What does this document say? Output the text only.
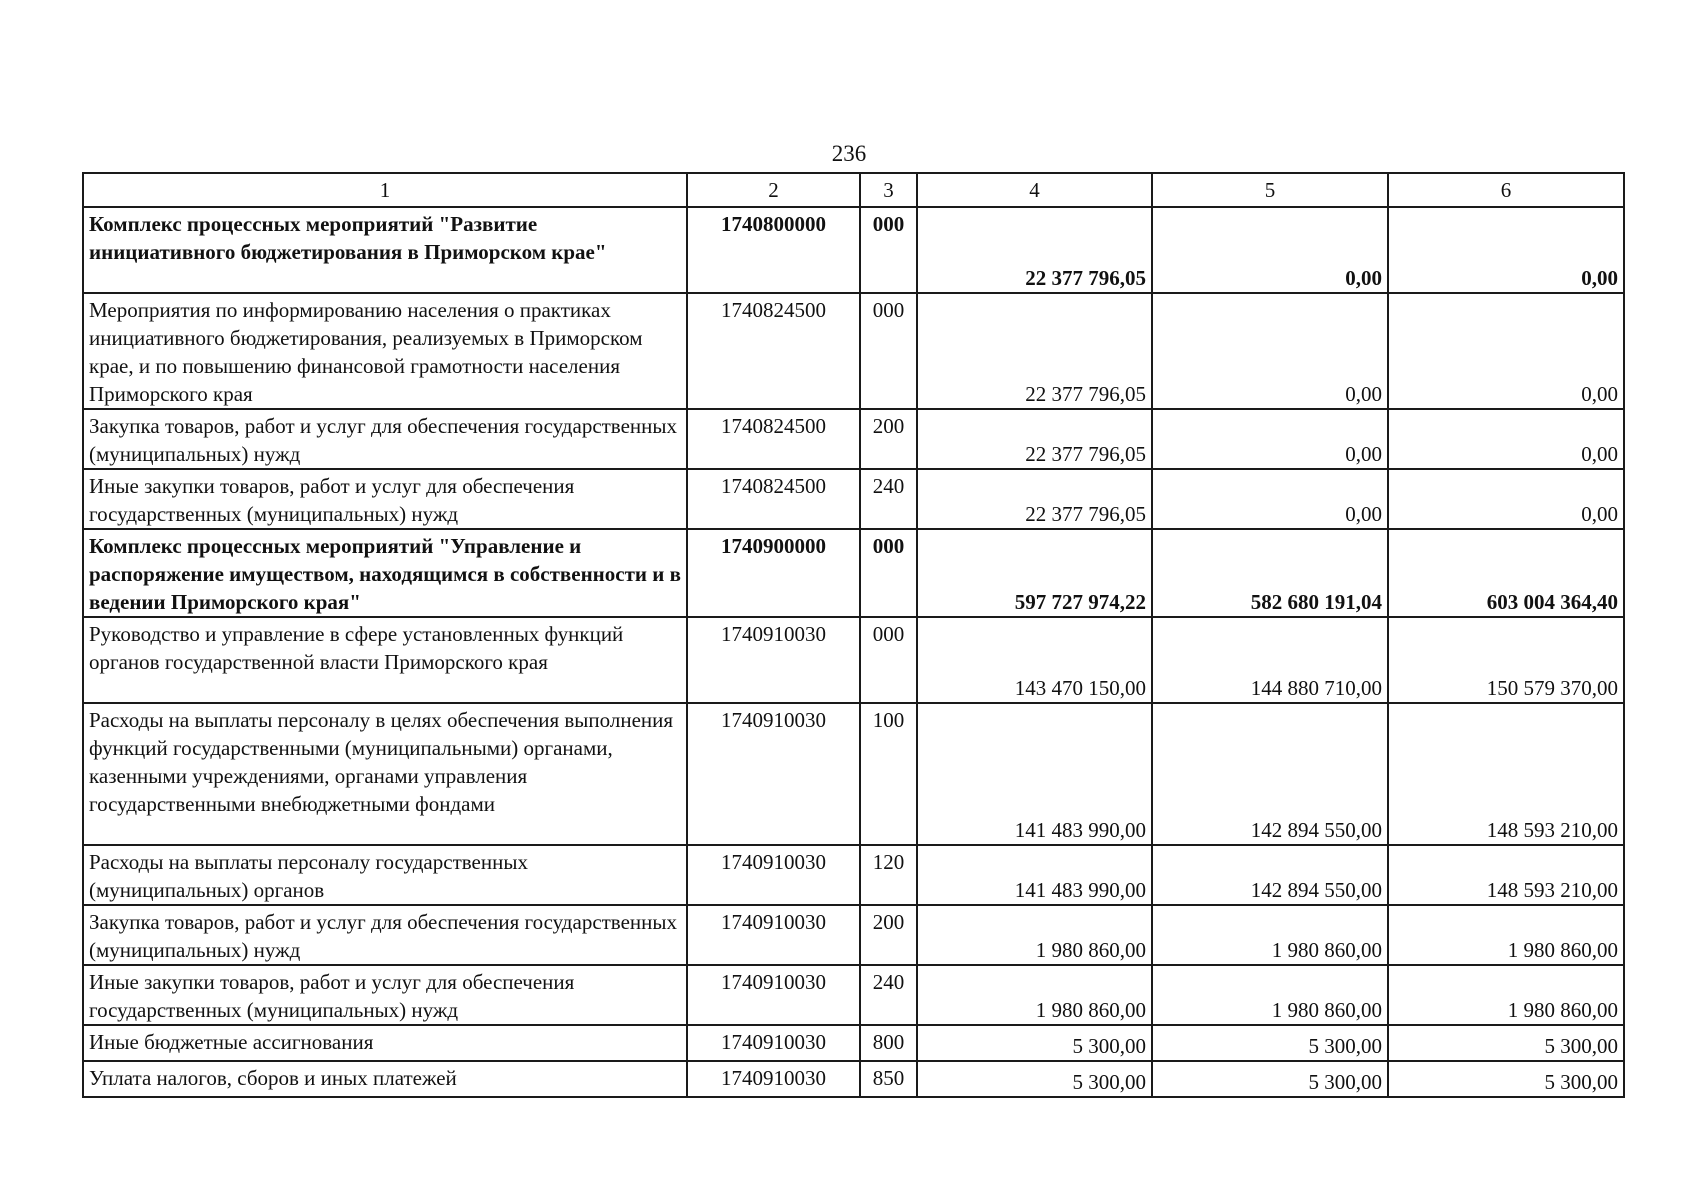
236
1	2	3	4	5	6
Комплекс процессных мероприятий "Развитие инициативного бюджетирования в Приморском крае"	1740800000	000	22 377 796,05	0,00	0,00
Мероприятия по информированию населения о практиках инициативного бюджетирования, реализуемых в Приморском крае, и по повышению финансовой грамотности населения Приморского края	1740824500	000	22 377 796,05	0,00	0,00
Закупка товаров, работ и услуг для обеспечения государственных (муниципальных) нужд	1740824500	200	22 377 796,05	0,00	0,00
Иные закупки товаров, работ и услуг для обеспечения государственных (муниципальных) нужд	1740824500	240	22 377 796,05	0,00	0,00
Комплекс процессных мероприятий "Управление и распоряжение имуществом, находящимся в собственности и в ведении Приморского края"	1740900000	000	597 727 974,22	582 680 191,04	603 004 364,40
Руководство и управление в сфере установленных функций органов государственной власти Приморского края	1740910030	000	143 470 150,00	144 880 710,00	150 579 370,00
Расходы на выплаты персоналу в целях обеспечения выполнения функций государственными (муниципальными) органами, казенными учреждениями, органами управления государственными внебюджетными фондами	1740910030	100	141 483 990,00	142 894 550,00	148 593 210,00
Расходы на выплаты персоналу государственных (муниципальных) органов	1740910030	120	141 483 990,00	142 894 550,00	148 593 210,00
Закупка товаров, работ и услуг для обеспечения государственных (муниципальных) нужд	1740910030	200	1 980 860,00	1 980 860,00	1 980 860,00
Иные закупки товаров, работ и услуг для обеспечения государственных (муниципальных) нужд	1740910030	240	1 980 860,00	1 980 860,00	1 980 860,00
Иные бюджетные ассигнования	1740910030	800	5 300,00	5 300,00	5 300,00
Уплата налогов, сборов и иных платежей	1740910030	850	5 300,00	5 300,00	5 300,00
